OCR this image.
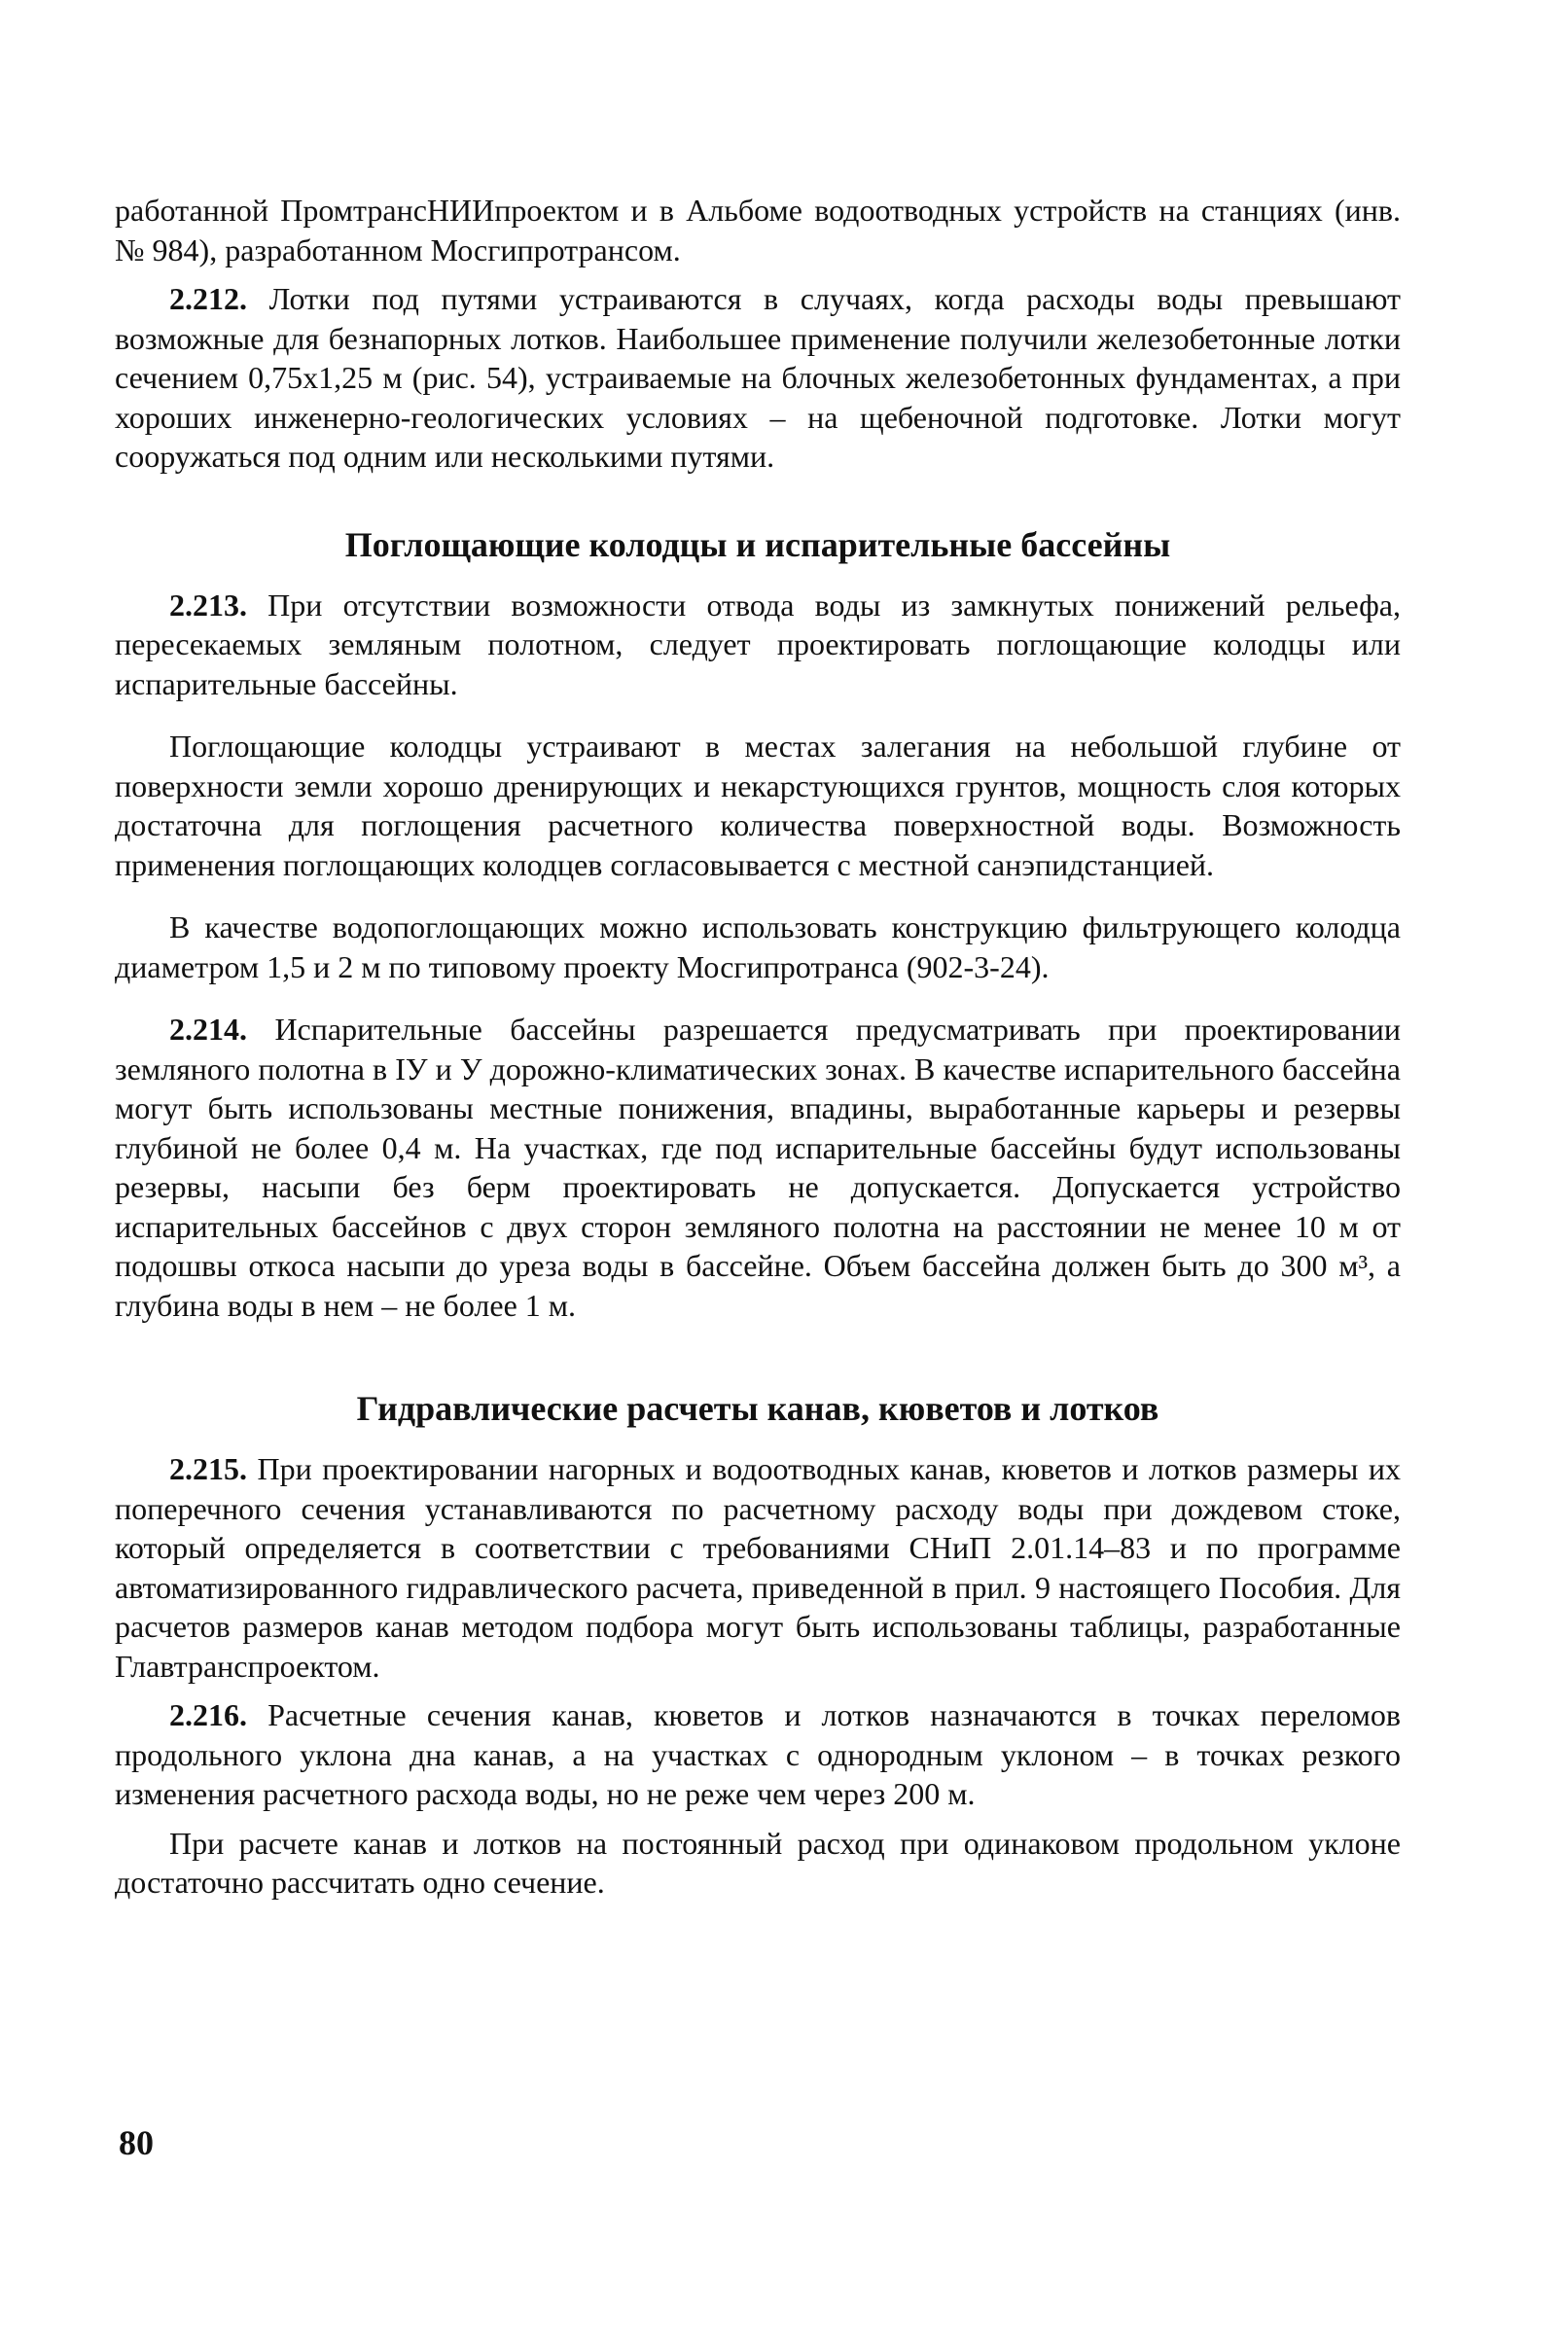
работанной ПромтрансНИИпроектом и в Альбоме водоотводных устройств на станциях (инв. № 984), разработанном Мосгипротрансом.

2.212. Лотки под путями устраиваются в случаях, когда расходы воды превышают возможные для безнапорных лотков. Наибольшее применение получили железобетонные лотки сечением 0,75х1,25 м (рис. 54), устраиваемые на блочных железобетонных фундаментах, а при хороших инженерно-геологических условиях – на щебеночной подготовке. Лотки могут сооружаться под одним или несколькими путями.

Поглощающие колодцы и испарительные бассейны

2.213. При отсутствии возможности отвода воды из замкнутых понижений рельефа, пересекаемых земляным полотном, следует проектировать поглощающие колодцы или испарительные бассейны.

Поглощающие колодцы устраивают в местах залегания на небольшой глубине от поверхности земли хорошо дренирующих и некарстующихся грунтов, мощность слоя которых достаточна для поглощения расчетного количества поверхностной воды. Возможность применения поглощающих колодцев согласовывается с местной санэпидстанцией.

В качестве водопоглощающих можно использовать конструкцию фильтрующего колодца диаметром 1,5 и 2 м по типовому проекту Мосгипротранса (902-3-24).

2.214. Испарительные бассейны разрешается предусматривать при проектировании земляного полотна в IУ и У дорожно-климатических зонах. В качестве испарительного бассейна могут быть использованы местные понижения, впадины, выработанные карьеры и резервы глубиной не более 0,4 м. На участках, где под испарительные бассейны будут использованы резервы, насыпи без берм проектировать не допускается. Допускается устройство испарительных бассейнов с двух сторон земляного полотна на расстоянии не менее 10 м от подошвы откоса насыпи до уреза воды в бассейне. Объем бассейна должен быть до 300 м³, а глубина воды в нем – не более 1 м.

Гидравлические расчеты канав, кюветов и лотков

2.215. При проектировании нагорных и водоотводных канав, кюветов и лотков размеры их поперечного сечения устанавливаются по расчетному расходу воды при дождевом стоке, который определяется в соответствии с требованиями СНиП 2.01.14–83 и по программе автоматизированного гидравлического расчета, приведенной в прил. 9 настоящего Пособия. Для расчетов размеров канав методом подбора могут быть использованы таблицы, разработанные Главтранспроектом.

2.216. Расчетные сечения канав, кюветов и лотков назначаются в точках переломов продольного уклона дна канав, а на участках с однородным уклоном – в точках резкого изменения расчетного расхода воды, но не реже чем через 200 м.

При расчете канав и лотков на постоянный расход при одинаковом продольном уклоне достаточно рассчитать одно сечение.

80
